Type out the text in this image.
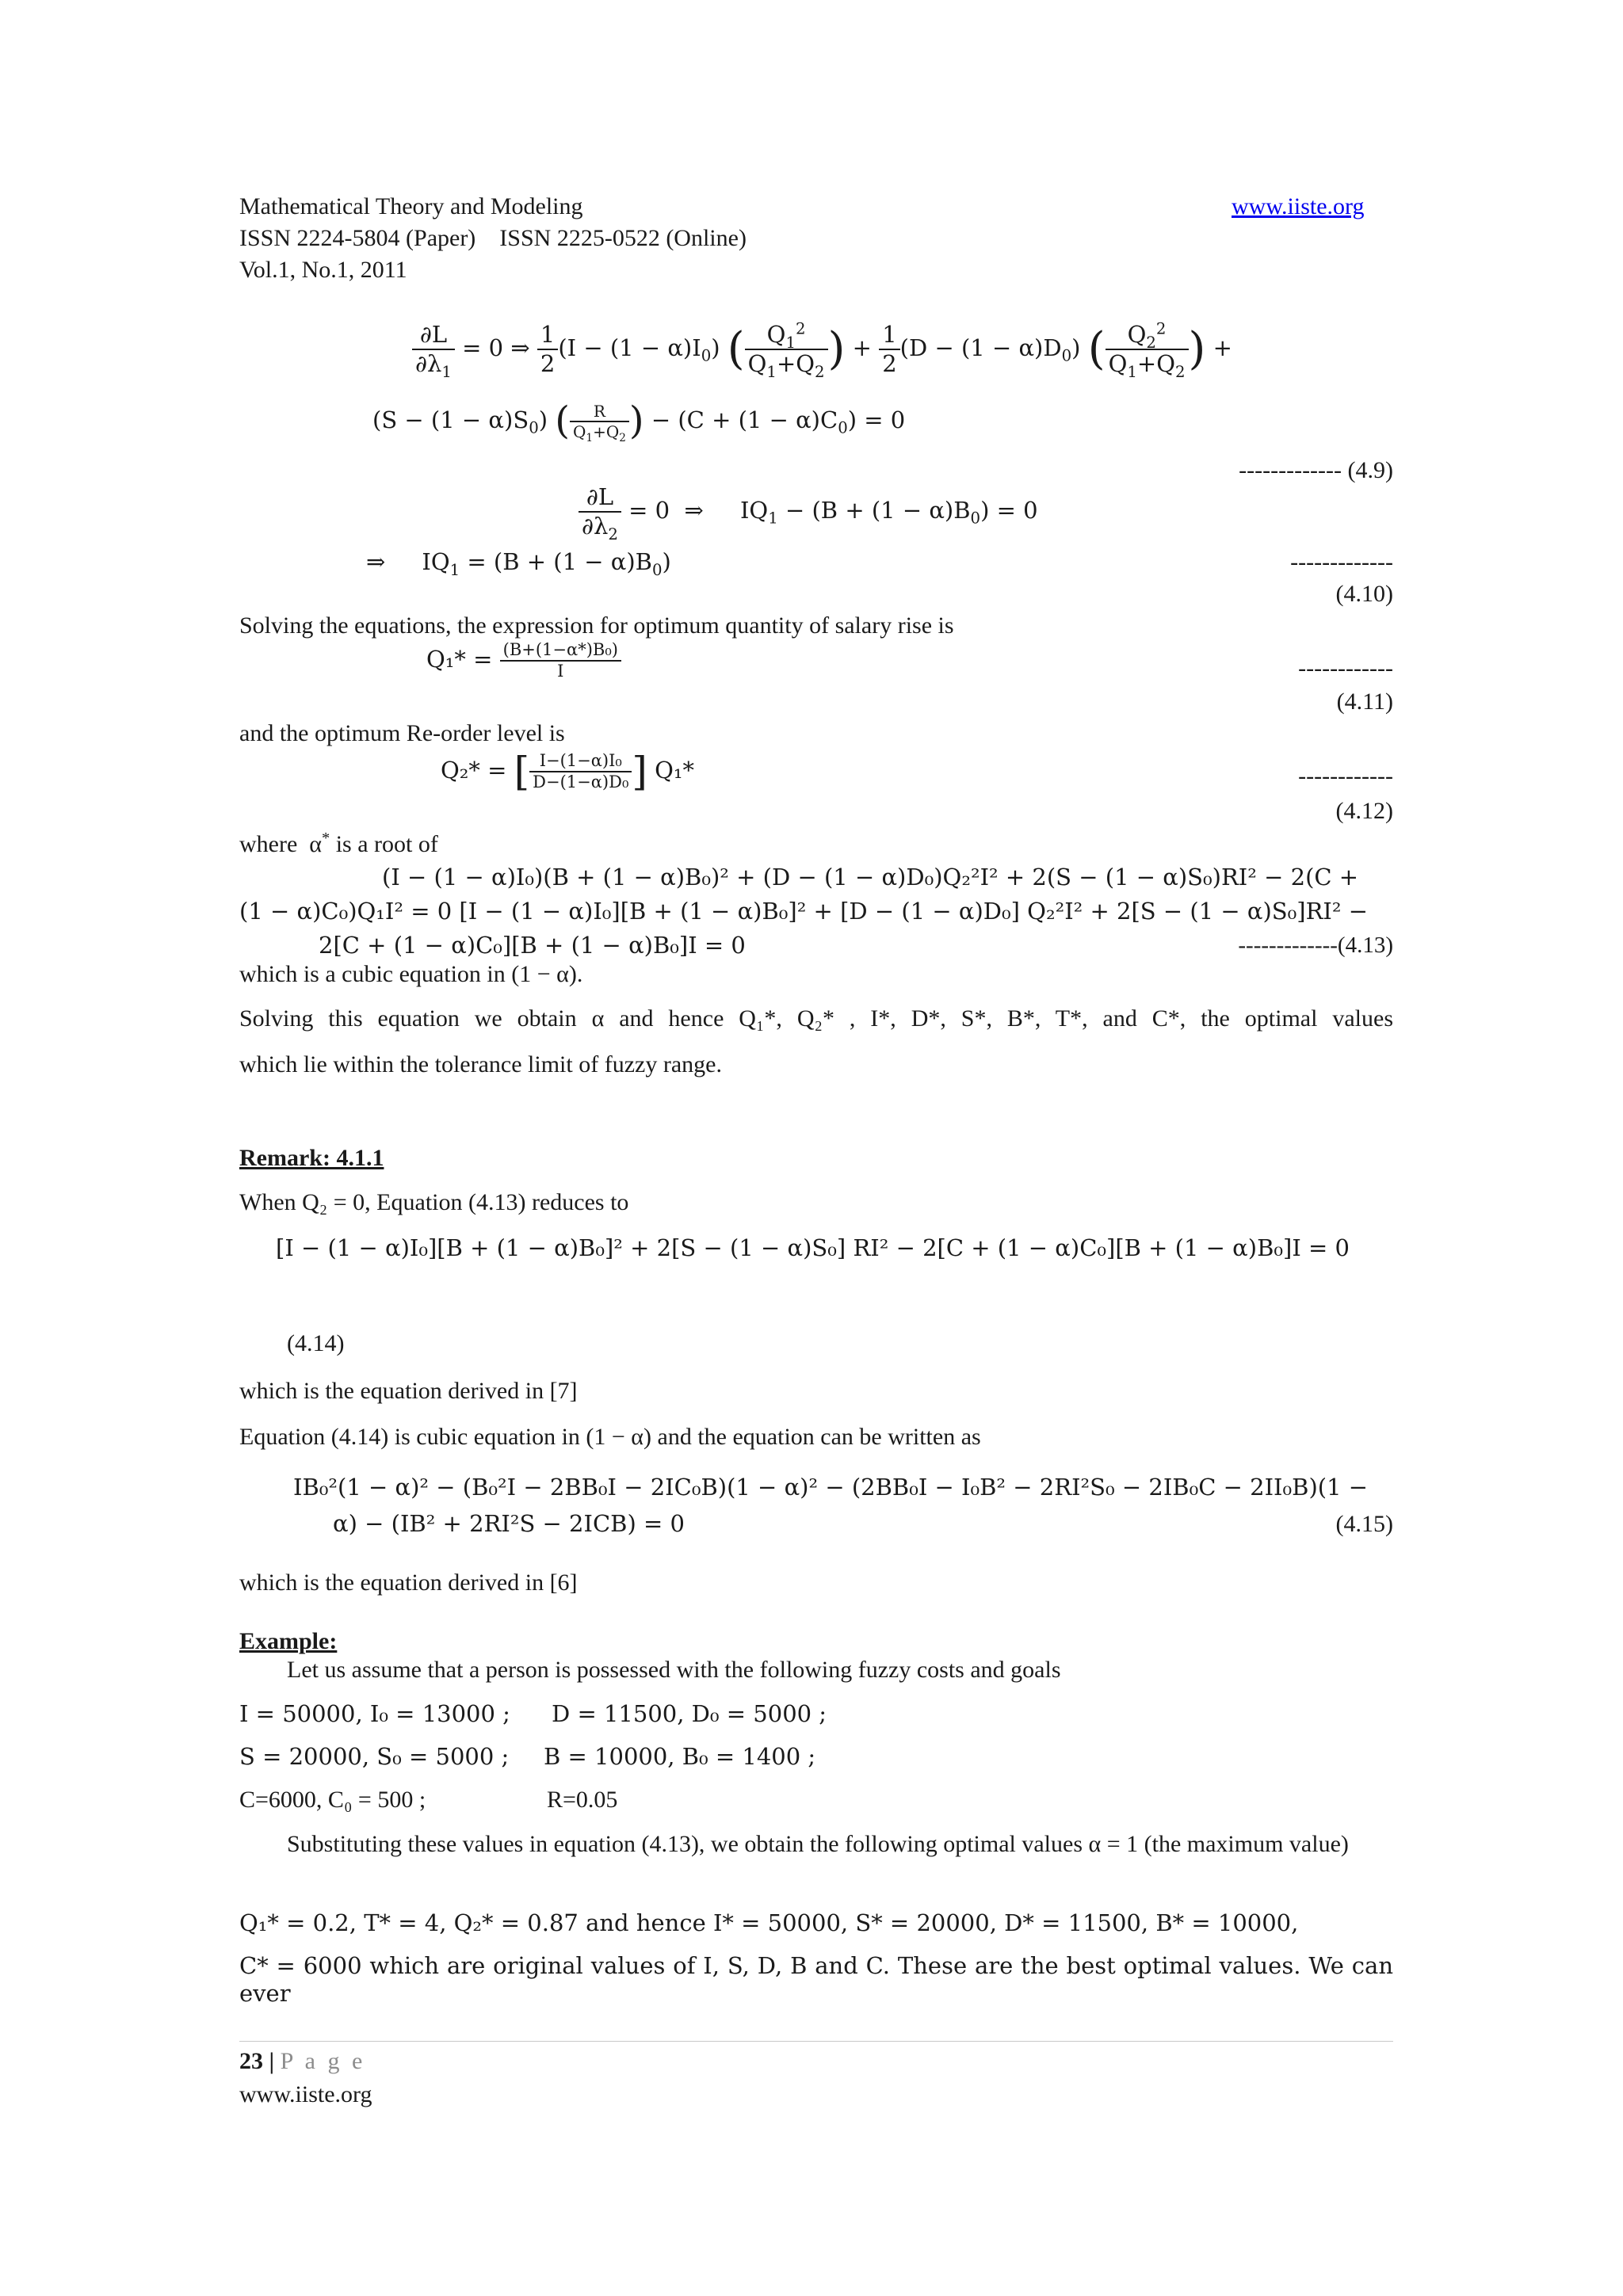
Mathematical Theory and Modeling	www.iiste.org
ISSN 2224-5804 (Paper)    ISSN 2225-0522 (Online)
Vol.1, No.1, 2011
$\frac{\partial L}{\partial\lambda_1} = 0$ ⇒ $\frac{1}{2} (I - (1 - \alpha)I_0)$ ( $\frac{Q_1^2}{Q_1+Q_2}$ ) + $\frac{1}{2} (D - (1 - \alpha)D_0)$ ( $\frac{Q_2^2}{Q_1+Q_2}$ ) +
$(S - (1 - \alpha)S_0)$ ( $\frac{R}{Q_1+Q_2}$ ) − $(C + (1 - \alpha)C_0) = 0$
------------- (4.9)
$\frac{\partial L}{\partial\lambda_2} = 0$  ⇒     $IQ_1 - (B + (1 - \alpha)B_0) = 0$
⇒     $IQ_1 = (B + (1 - \alpha)B_0)$	-------------
(4.10)
Solving the equations, the expression for optimum quantity of salary rise is
$Q_1* = \frac{\text{(B+(1−α*)B₀)}}{I}$	------------
(4.11)
and the optimum Re-order level is
Q₂* = [ $\frac{\text{I−(1−α)I₀}}{\text{D−(1−α)D₀}}$ ] Q₁*	------------
(4.12)
where  α* is a root of
(I − (1 − α)I₀)(B + (1 − α)B₀)² + (D − (1 − α)D₀)Q₂²I² + 2(S − (1 − α)S₀)RI² − 2(C +
(1 − α)C₀)Q₁I² = 0 [I − (1 − α)I₀][B + (1 − α)B₀]² + [D − (1 − α)D₀] Q₂²I² + 2[S − (1 − α)S₀]RI² −
2[C + (1 − α)C₀][B + (1 − α)B₀]I = 0	-------------(4.13)
which is a cubic equation in (1 − α).
Solving this equation we obtain α and hence Q₁*, Q₂* , I*, D*, S*, B*, T*, and C*, the optimal values
which lie within the tolerance limit of fuzzy range.
Remark: 4.1.1
When Q₂ = 0, Equation (4.13) reduces to
[I − (1 − α)I₀][B + (1 − α)B₀]² + 2[S − (1 − α)S₀] RI² − 2[C + (1 − α)C₀][B + (1 − α)B₀]I = 0
(4.14)
which is the equation derived in [7]
Equation (4.14) is cubic equation in (1 − α) and the equation can be written as
IB₀²(1 − α)² − (B₀²I − 2BB₀I − 2IC₀B)(1 − α)² − (2BB₀I − I₀B² − 2RI²S₀ − 2IB₀C − 2II₀B)(1 −
α) − (IB² + 2RI²S − 2ICB) = 0	(4.15)
which is the equation derived in [6]
Example:
Let us assume that a person is possessed with the following fuzzy costs and goals
I = 50000, I₀ = 13000 ; D = 11500, D₀ = 5000 ;
S = 20000, S₀ = 5000 ; B = 10000, B₀ = 1400 ;
C=6000, C₀ = 500 ;	R=0.05
Substituting these values in equation (4.13), we obtain the following optimal values α = 1 (the maximum value)
Q₁* = 0.2, T* = 4, Q₂* = 0.87 and hence I* = 50000, S* = 20000, D* = 11500, B* = 10000,
C* = 6000 which are original values of I, S, D, B and C. These are the best optimal values. We can ever
23 | P a g e
www.iiste.org
